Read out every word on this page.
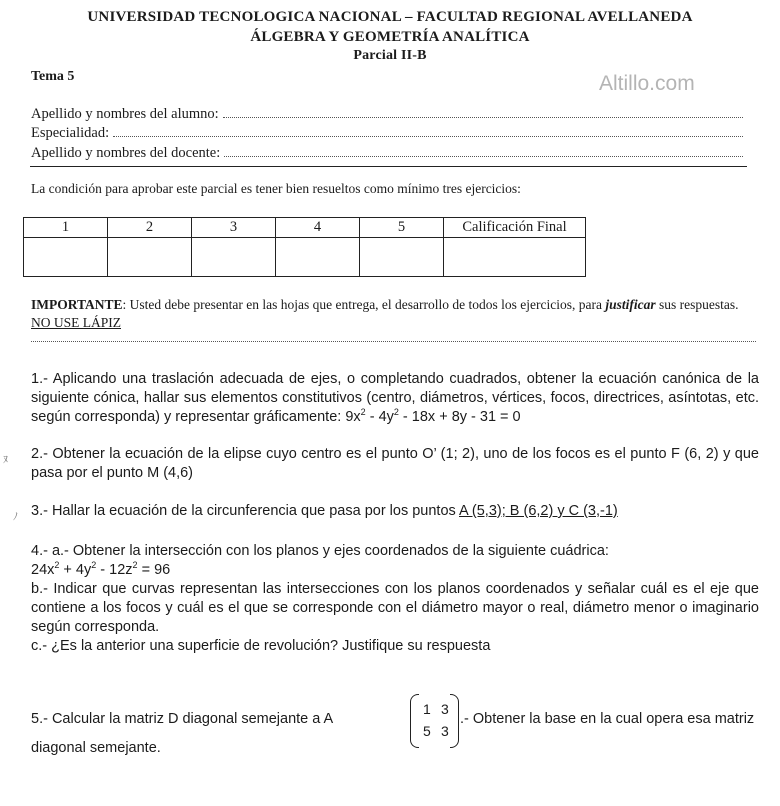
UNIVERSIDAD TECNOLOGICA NACIONAL – FACULTAD REGIONAL AVELLANEDA
ÁLGEBRA Y GEOMETRÍA ANALÍTICA
Parcial II-B
Tema 5	Altillo.com
Apellido y nombres del alumno:
Especialidad:
Apellido y nombres del docente:
La condición para aprobar este parcial es tener bien resueltos como mínimo tres ejercicios:
1	2	3	4	5	Calificación Final

IMPORTANTE: Usted debe presentar en las hojas que entrega, el desarrollo de todos los ejercicios, para justificar sus respuestas. NO USE LÁPIZ
1.- Aplicando una traslación adecuada de ejes, o completando cuadrados, obtener la ecuación canónica de la siguiente cónica, hallar sus elementos constitutivos (centro, diámetros, vértices, focos, directrices, asíntotas, etc. según corresponda) y representar gráficamente: $9x^2 - 4y^2 - 18x + 8y - 31 = 0$
ﾇ 2.- Obtener la ecuación de la elipse cuyo centro es el punto O’ (1; 2), uno de los focos es el punto F (6, 2) y que pasa por el punto M (4,6)
ﾉ 3.- Hallar la ecuación de la circunferencia que pasa por los puntos A (5,3); B (6,2) y C (3,-1)

4.- a.- Obtener la intersección con los planos y ejes coordenados de la siguiente cuádrica:

$24x^2 + 4y^2 - 12z^2 = 96$

b.- Indicar que curvas representan las intersecciones con los planos coordenados y señalar cuál es el eje que contiene a los focos y cuál es el que se corresponde con el diámetro mayor o real, diámetro menor o imaginario según corresponda.

c.- ¿Es la anterior una superficie de revolución? Justifique su respuesta

5.- Calcular la matriz D diagonal semejante a A
1 3
5 3
.- Obtener la base en la cual opera esa matriz
diagonal semejante.
